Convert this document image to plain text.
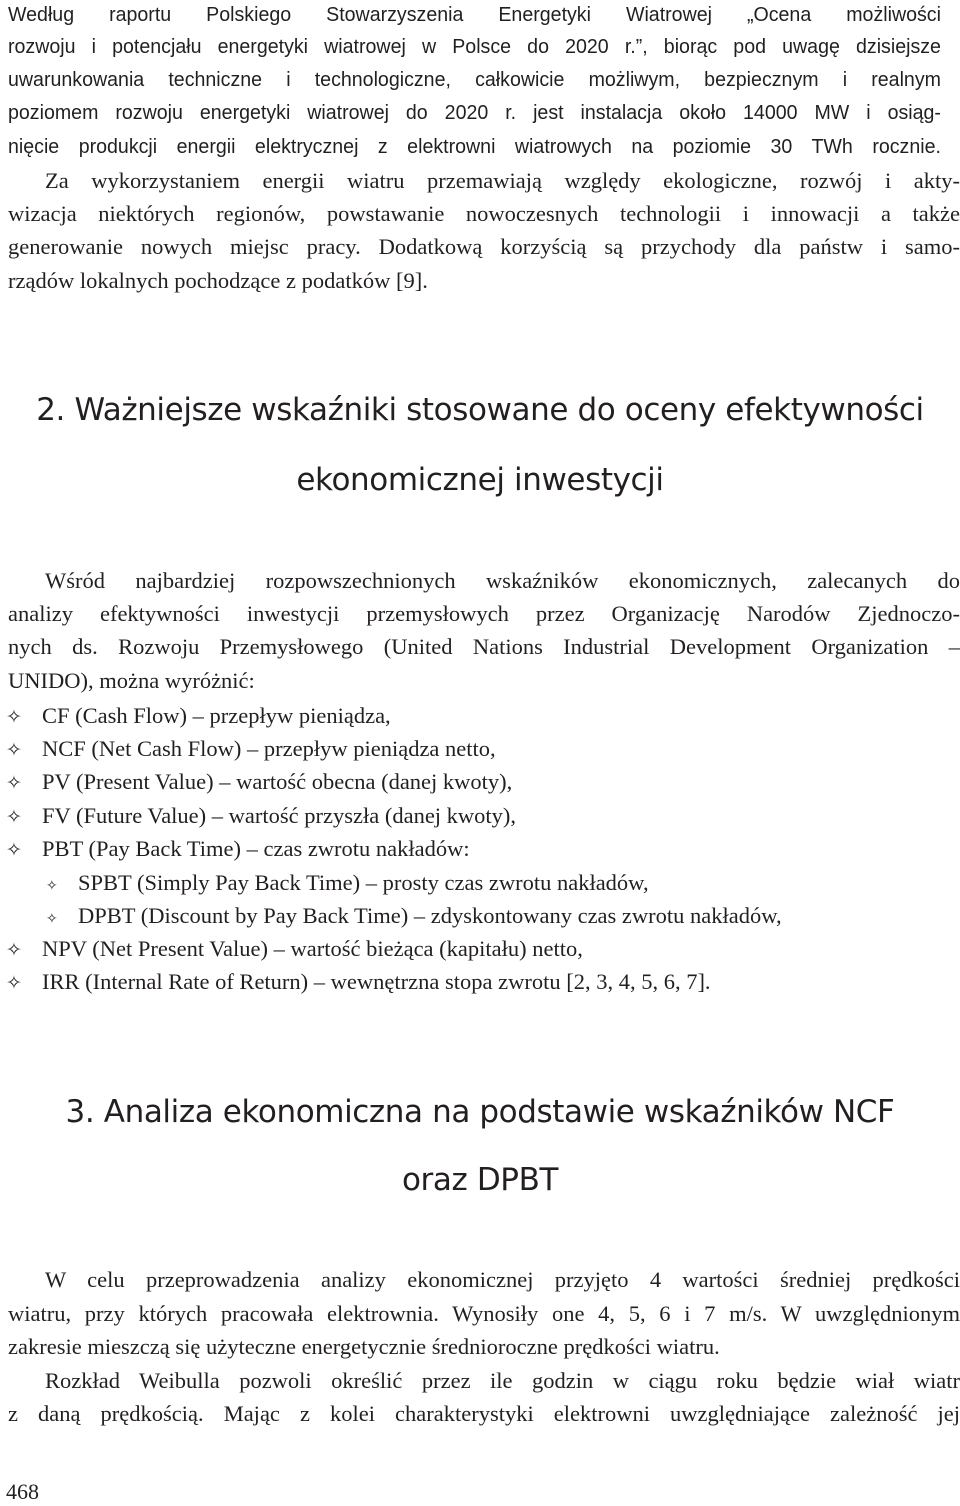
Według raportu Polskiego Stowarzyszenia Energetyki Wiatrowej „Ocena możliwości
rozwoju i potencjału energetyki wiatrowej w Polsce do 2020 r.”, biorąc pod uwagę dzisiejsze
uwarunkowania techniczne i technologiczne, całkowicie możliwym, bezpiecznym i realnym
poziomem rozwoju energetyki wiatrowej do 2020 r. jest instalacja około 14000 MW i osiąg-
nięcie produkcji energii elektrycznej z elektrowni wiatrowych na poziomie 30 TWh rocznie.
Za wykorzystaniem energii wiatru przemawiają względy ekologiczne, rozwój i akty-
wizacja niektórych regionów, powstawanie nowoczesnych technologii i innowacji a także
generowanie nowych miejsc pracy. Dodatkową korzyścią są przychody dla państw i samo-
rządów lokalnych pochodzące z podatków [9].
2. Ważniejsze wskaźniki stosowane do oceny efektywności
ekonomicznej inwestycji
Wśród najbardziej rozpowszechnionych wskaźników ekonomicznych, zalecanych do
analizy efektywności inwestycji przemysłowych przez Organizację Narodów Zjednoczo-
nych ds. Rozwoju Przemysłowego (United Nations Industrial Development Organization –
UNIDO), można wyróżnić:
✧ CF (Cash Flow) – przepływ pieniądza,
✧ NCF (Net Cash Flow) – przepływ pieniądza netto,
✧ PV (Present Value) – wartość obecna (danej kwoty),
✧ FV (Future Value) – wartość przyszła (danej kwoty),
✧ PBT (Pay Back Time) – czas zwrotu nakładów:
✧ SPBT (Simply Pay Back Time) – prosty czas zwrotu nakładów,
✧ DPBT (Discount by Pay Back Time) – zdyskontowany czas zwrotu nakładów,
✧ NPV (Net Present Value) – wartość bieżąca (kapitału) netto,
✧ IRR (Internal Rate of Return) – wewnętrzna stopa zwrotu [2, 3, 4, 5, 6, 7].
3. Analiza ekonomiczna na podstawie wskaźników NCF
oraz DPBT
W celu przeprowadzenia analizy ekonomicznej przyjęto 4 wartości średniej prędkości
wiatru, przy których pracowała elektrownia. Wynosiły one 4, 5, 6 i 7 m/s. W uwzględnionym
zakresie mieszczą się użyteczne energetycznie średnioroczne prędkości wiatru.
Rozkład Weibulla pozwoli określić przez ile godzin w ciągu roku będzie wiał wiatr
z daną prędkością. Mając z kolei charakterystyki elektrowni uwzględniające zależność jej
468
